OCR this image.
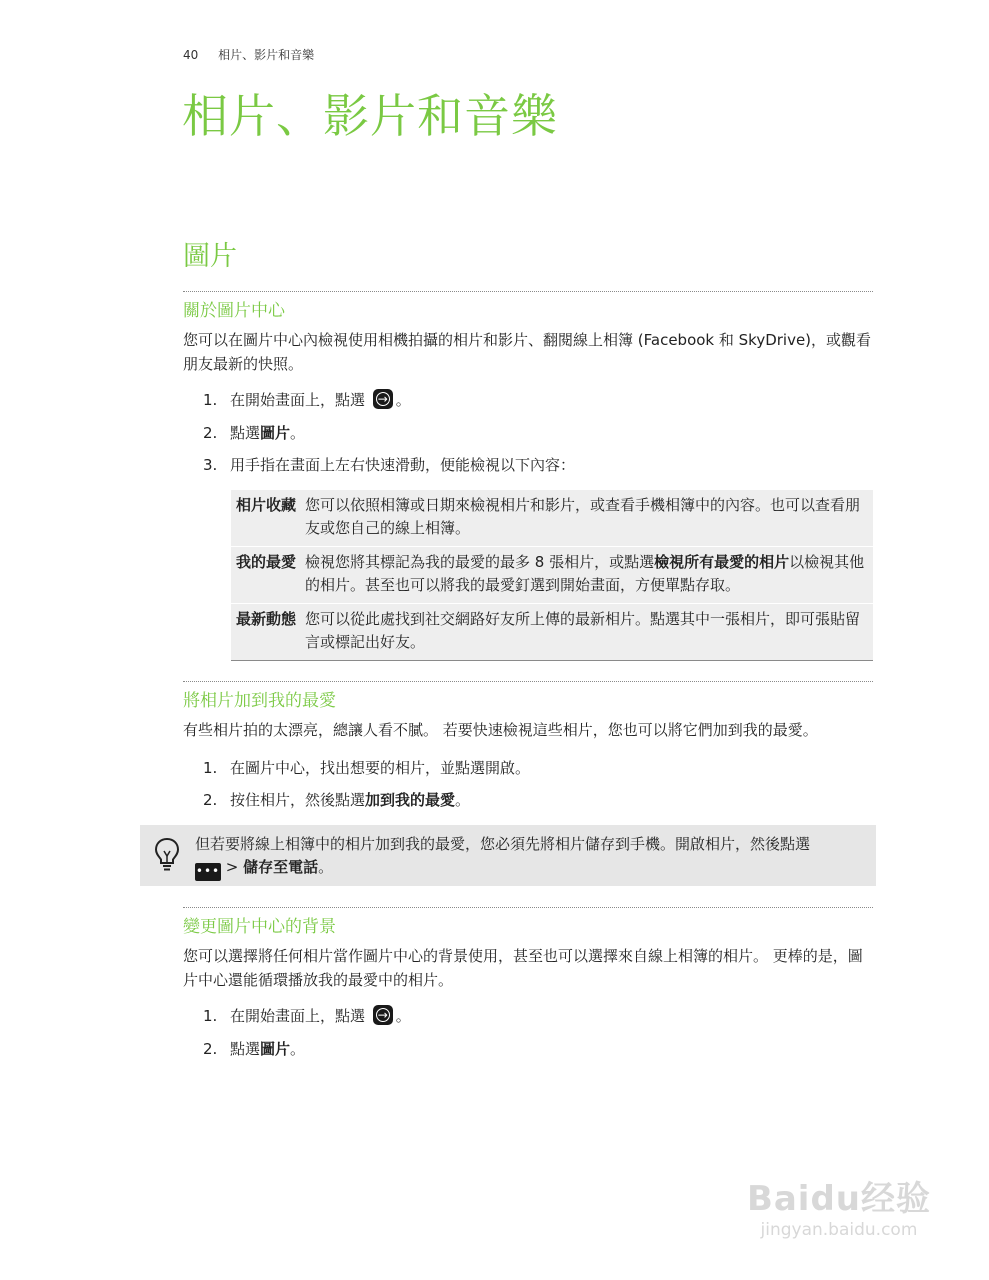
40 相片、影片和音樂
相片、影片和音樂
圖片
關於圖片中心
您可以在圖片中心內檢視使用相機拍攝的相片和影片、翻閱線上相簿 (Facebook 和 SkyDrive)，或觀看朋友最新的快照。
1. 在開始畫面上，點選 → 。
2. 點選圖片。
3. 用手指在畫面上左右快速滑動，便能檢視以下內容：
相片收藏	您可以依照相簿或日期來檢視相片和影片，或查看手機相簿中的內容。也可以查看朋友或您自己的線上相簿。
我的最愛	檢視您將其標記為我的最愛的最多 8 張相片，或點選檢視所有最愛的相片以檢視其他的相片。甚至也可以將我的最愛釘選到開始畫面，方便單點存取。
最新動態	您可以從此處找到社交網路好友所上傳的最新相片。點選其中一張相片，即可張貼留言或標記出好友。
將相片加到我的最愛
有些相片拍的太漂亮，總讓人看不膩。 若要快速檢視這些相片，您也可以將它們加到我的最愛。
1. 在圖片中心，找出想要的相片，並點選開啟。
2. 按住相片，然後點選加到我的最愛。
但若要將線上相簿中的相片加到我的最愛，您必須先將相片儲存到手機。開啟相片，然後點選
••• > 儲存至電話。
變更圖片中心的背景
您可以選擇將任何相片當作圖片中心的背景使用，甚至也可以選擇來自線上相簿的相片。 更棒的是，圖片中心還能循環播放我的最愛中的相片。
1. 在開始畫面上，點選 → 。
2. 點選圖片。
Baidu经验
jingyan.baidu.com
